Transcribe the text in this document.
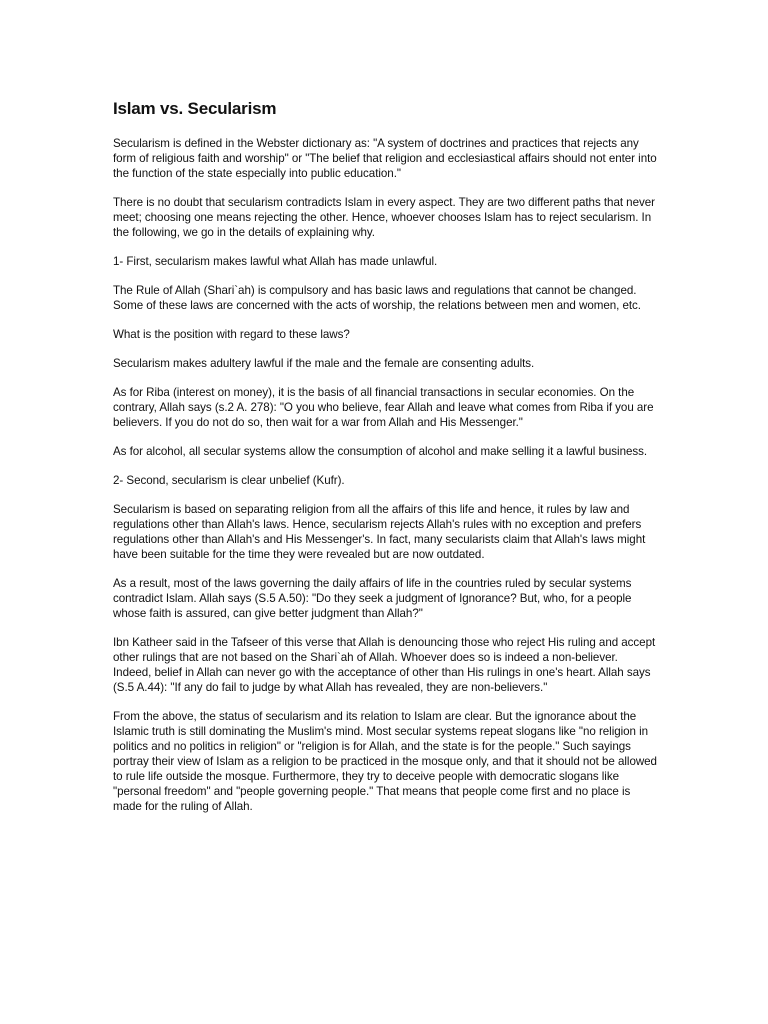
Islam vs. Secularism

Secularism is defined in the Webster dictionary as: "A system of doctrines and practices that rejects any form of religious faith and worship" or "The belief that religion and ecclesiastical affairs should not enter into the function of the state especially into public education."

There is no doubt that secularism contradicts Islam in every aspect. They are two different paths that never meet; choosing one means rejecting the other. Hence, whoever chooses Islam has to reject secularism. In the following, we go in the details of explaining why.

1- First, secularism makes lawful what Allah has made unlawful.

The Rule of Allah (Shari`ah) is compulsory and has basic laws and regulations that cannot be changed. Some of these laws are concerned with the acts of worship, the relations between men and women, etc.

What is the position with regard to these laws?

Secularism makes adultery lawful if the male and the female are consenting adults.

As for Riba (interest on money), it is the basis of all financial transactions in secular economies. On the contrary, Allah says (s.2 A. 278): "O you who believe, fear Allah and leave what comes from Riba if you are believers. If you do not do so, then wait for a war from Allah and His Messenger."

As for alcohol, all secular systems allow the consumption of alcohol and make selling it a lawful business.

2- Second, secularism is clear unbelief (Kufr).

Secularism is based on separating religion from all the affairs of this life and hence, it rules by law and regulations other than Allah's laws. Hence, secularism rejects Allah's rules with no exception and prefers regulations other than Allah's and His Messenger's. In fact, many secularists claim that Allah's laws might have been suitable for the time they were revealed but are now outdated.

As a result, most of the laws governing the daily affairs of life in the countries ruled by secular systems contradict Islam. Allah says (S.5 A.50): "Do they seek a judgment of Ignorance? But, who, for a people whose faith is assured, can give better judgment than Allah?"

Ibn Katheer said in the Tafseer of this verse that Allah is denouncing those who reject His ruling and accept other rulings that are not based on the Shari`ah of Allah. Whoever does so is indeed a non-believer. Indeed, belief in Allah can never go with the acceptance of other than His rulings in one's heart. Allah says (S.5 A.44): "If any do fail to judge by what Allah has revealed, they are non-believers."

From the above, the status of secularism and its relation to Islam are clear. But the ignorance about the Islamic truth is still dominating the Muslim's mind. Most secular systems repeat slogans like "no religion in politics and no politics in religion" or "religion is for Allah, and the state is for the people." Such sayings portray their view of Islam as a religion to be practiced in the mosque only, and that it should not be allowed to rule life outside the mosque. Furthermore, they try to deceive people with democratic slogans like "personal freedom" and "people governing people." That means that people come first and no place is made for the ruling of Allah.
